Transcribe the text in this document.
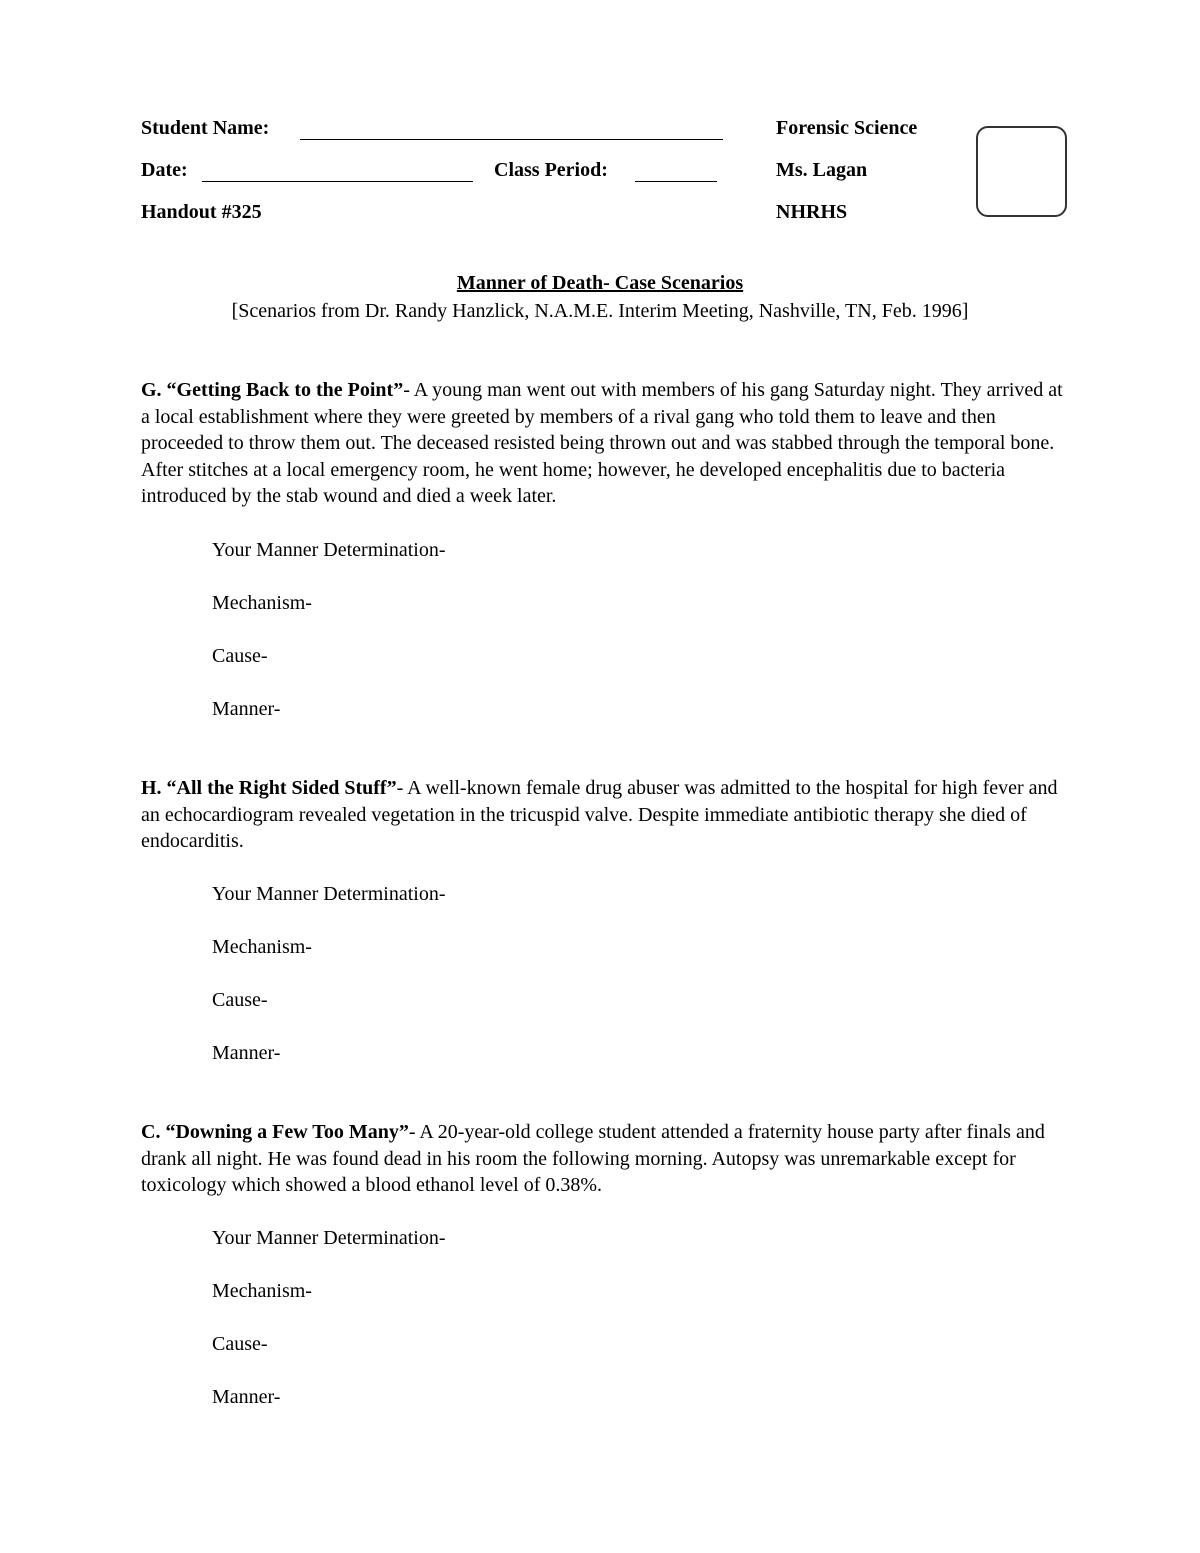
Student Name:
Date:	Class Period:
Handout #325
Forensic Science
Ms. Lagan
NHRHS
Manner of Death- Case Scenarios
[Scenarios from Dr. Randy Hanzlick, N.A.M.E. Interim Meeting, Nashville, TN, Feb. 1996]
G. “Getting Back to the Point”- A young man went out with members of his gang Saturday night. They arrived at a local establishment where they were greeted by members of a rival gang who told them to leave and then proceeded to throw them out. The deceased resisted being thrown out and was stabbed through the temporal bone. After stitches at a local emergency room, he went home; however, he developed encephalitis due to bacteria introduced by the stab wound and died a week later.
Your Manner Determination-
Mechanism-
Cause-
Manner-
H. “All the Right Sided Stuff”- A well-known female drug abuser was admitted to the hospital for high fever and an echocardiogram revealed vegetation in the tricuspid valve. Despite immediate antibiotic therapy she died of endocarditis.
Your Manner Determination-
Mechanism-
Cause-
Manner-
C. “Downing a Few Too Many”- A 20-year-old college student attended a fraternity house party after finals and drank all night. He was found dead in his room the following morning. Autopsy was unremarkable except for toxicology which showed a blood ethanol level of 0.38%.
Your Manner Determination-
Mechanism-
Cause-
Manner-
